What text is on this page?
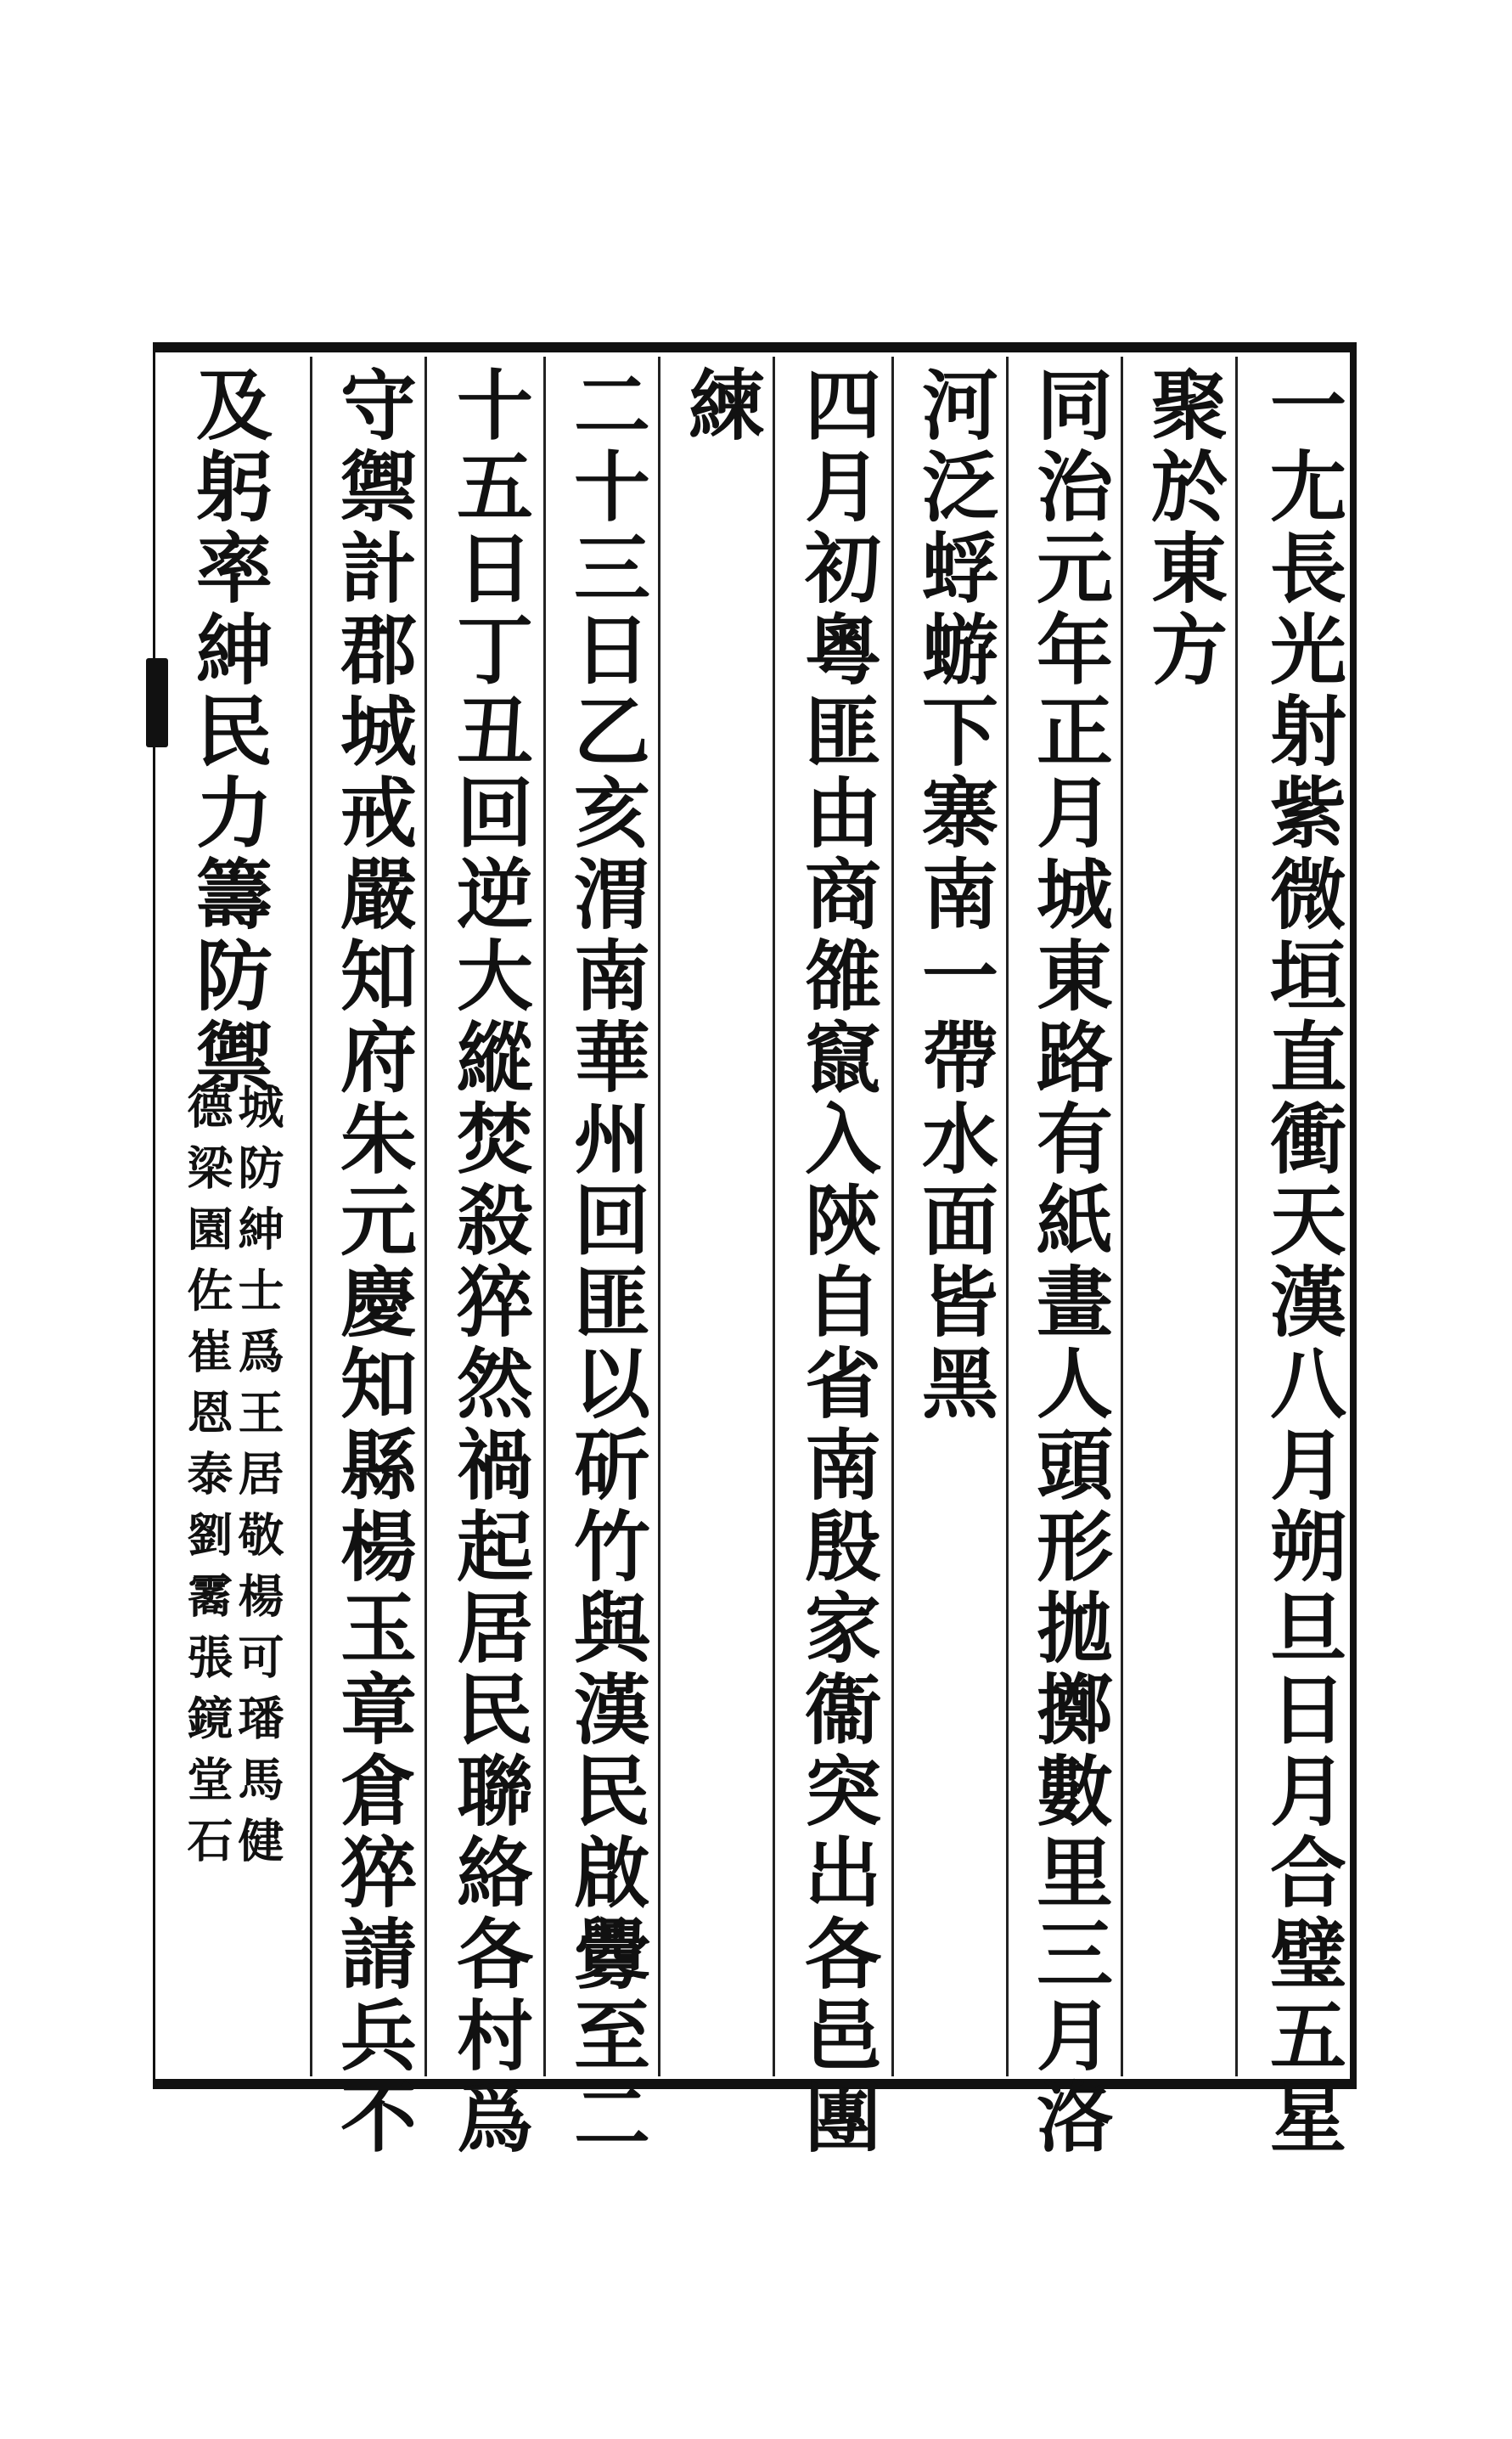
一尢長光射紫微垣直衝天漢八月朔旦日月合璧五星
聚於東方
同治元年正月城東路有紙畫人頭形拋擲數里三月洛
河泛蜉蝣下寨南一帶水面皆黑
四月初粵匪由商雒竄入陝自省南殷家衞突出各邑團
練
二十三日乙亥渭南華州回匪以斫竹與漢民啟釁至二
十五日丁丑回逆大縱焚殺猝然禍起居民聯絡各村爲
守禦計郡城戒嚴知府朱元慶知縣楊玉章倉猝請兵不
及躬率紳民力籌防禦
城防紳士爲王居敬楊可璠馬健
德梁園佐崔恩泰劉霱張鏡堂石
